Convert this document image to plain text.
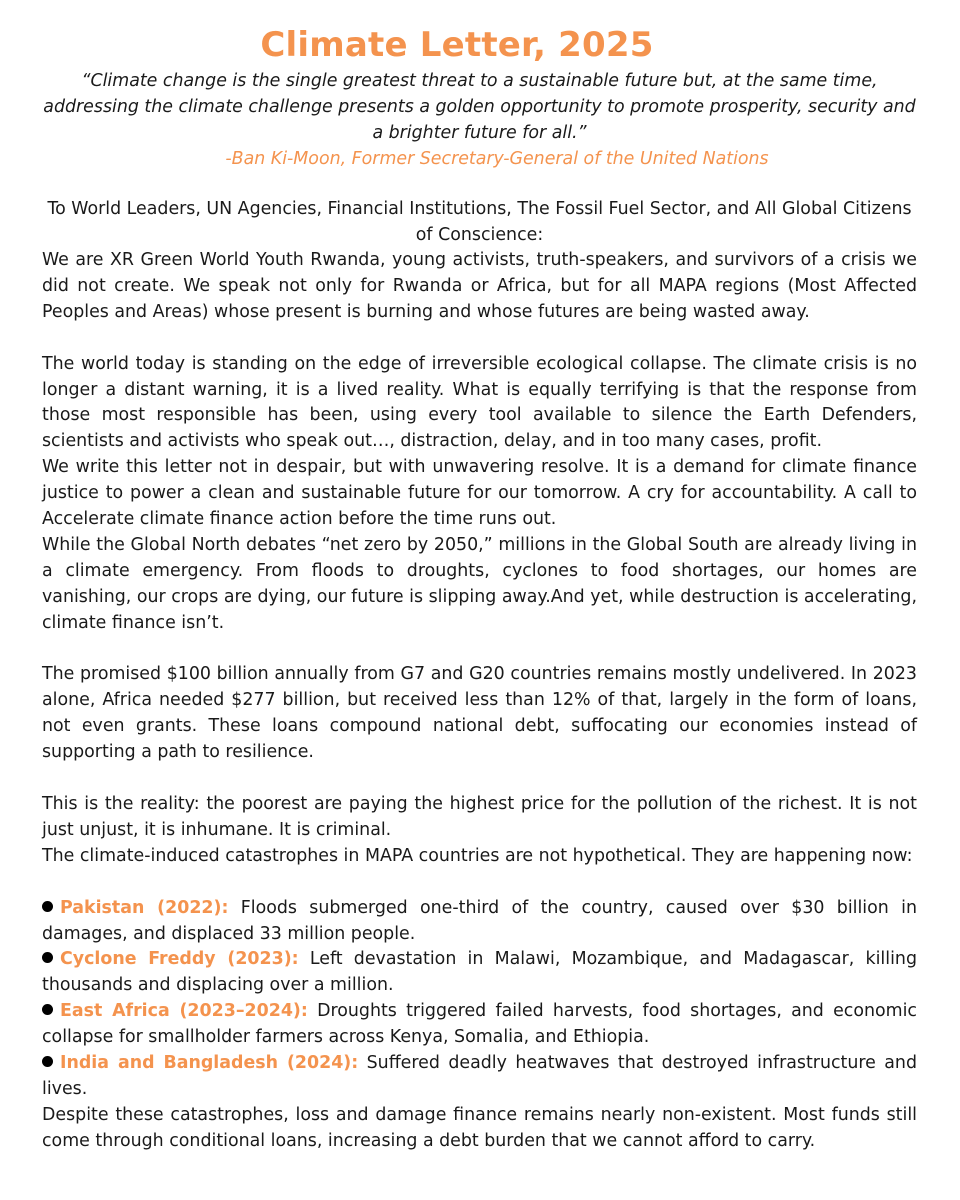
Climate Letter, 2025

“Climate change is the single greatest threat to a sustainable future but, at the same time, addressing the climate challenge presents a golden opportunity to promote prosperity, security and a brighter future for all.”

-Ban Ki-Moon, Former Secretary-General of the United Nations

To World Leaders, UN Agencies, Financial Institutions, The Fossil Fuel Sector, and All Global Citizens of Conscience:

We are XR Green World Youth Rwanda, young activists, truth-speakers, and survivors of a crisis we did not create. We speak not only for Rwanda or Africa, but for all MAPA regions (Most Affected Peoples and Areas) whose present is burning and whose futures are being wasted away.

The world today is standing on the edge of irreversible ecological collapse. The climate crisis is no longer a distant warning, it is a lived reality. What is equally terrifying is that the response from those most responsible has been, using every tool available to silence the Earth Defenders, scientists and activists who speak out…, distraction, delay, and in too many cases, profit.

We write this letter not in despair, but with unwavering resolve. It is a demand for climate finance justice to power a clean and sustainable future for our tomorrow. A cry for accountability. A call to Accelerate climate finance action before the time runs out.

While the Global North debates “net zero by 2050,” millions in the Global South are already living in a climate emergency. From floods to droughts, cyclones to food shortages, our homes are vanishing, our crops are dying, our future is slipping away.And yet, while destruction is accelerating, climate finance isn’t.

The promised $100 billion annually from G7 and G20 countries remains mostly undelivered. In 2023 alone, Africa needed $277 billion, but received less than 12% of that, largely in the form of loans, not even grants. These loans compound national debt, suffocating our economies instead of supporting a path to resilience.

This is the reality: the poorest are paying the highest price for the pollution of the richest. It is not just unjust, it is inhumane. It is criminal.

The climate-induced catastrophes in MAPA countries are not hypothetical. They are happening now:

Pakistan (2022): Floods submerged one-third of the country, caused over $30 billion in damages, and displaced 33 million people.

Cyclone Freddy (2023): Left devastation in Malawi, Mozambique, and Madagascar, killing thousands and displacing over a million.

East Africa (2023–2024): Droughts triggered failed harvests, food shortages, and economic collapse for smallholder farmers across Kenya, Somalia, and Ethiopia.

India and Bangladesh (2024): Suffered deadly heatwaves that destroyed infrastructure and lives.

Despite these catastrophes, loss and damage finance remains nearly non-existent. Most funds still come through conditional loans, increasing a debt burden that we cannot afford to carry.
